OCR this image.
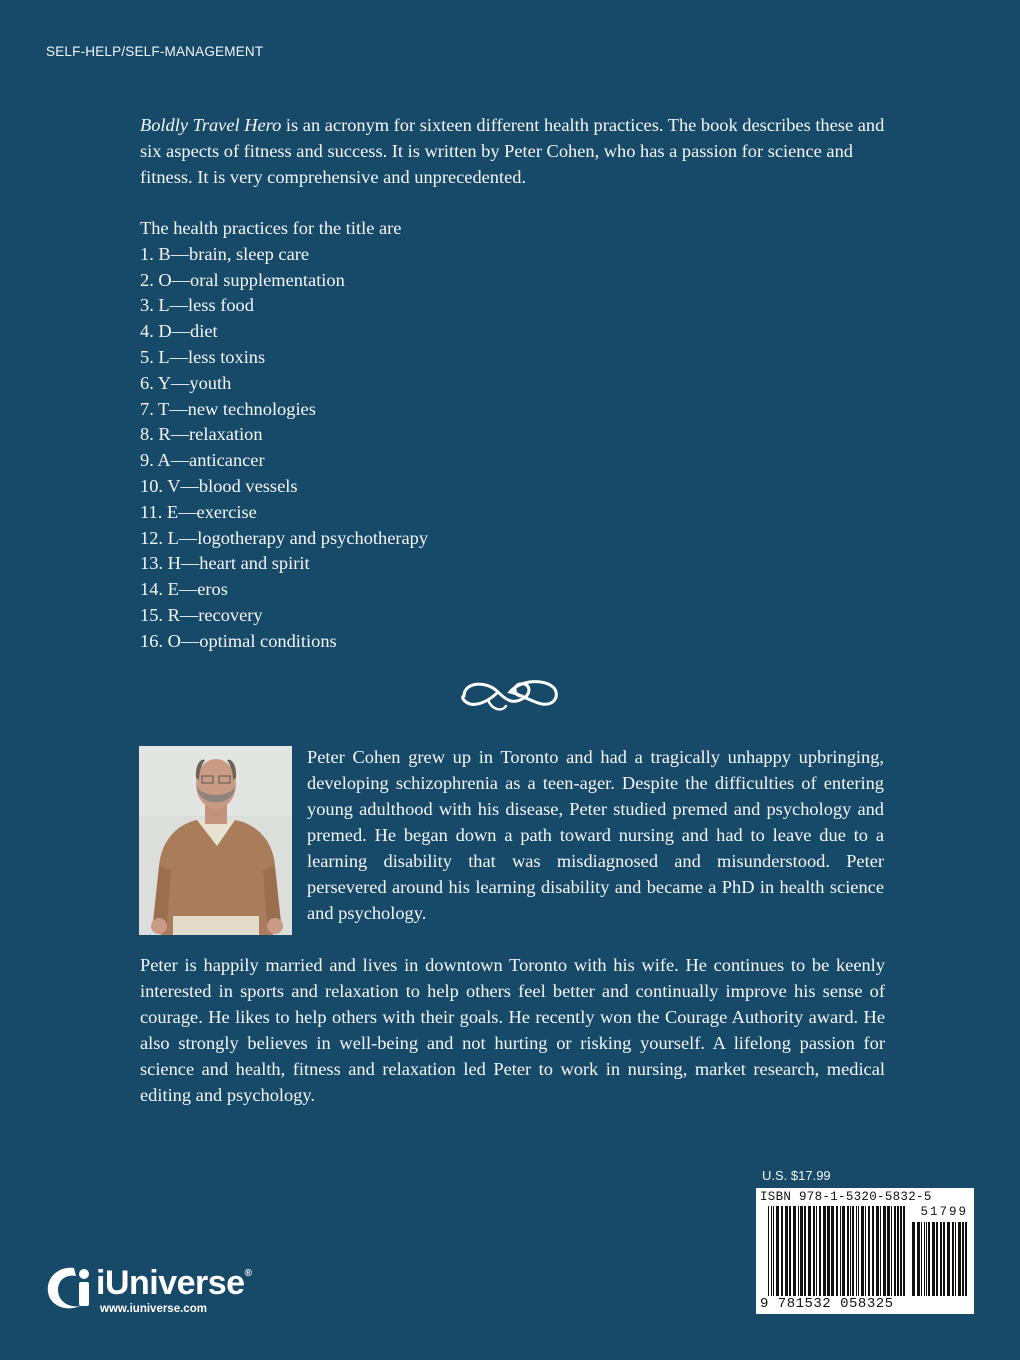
SELF-HELP/SELF-MANAGEMENT

Boldly Travel Hero is an acronym for sixteen different health practices. The book describes these and six aspects of fitness and success. It is written by Peter Cohen, who has a passion for science and fitness. It is very comprehensive and unprecedented.

The health practices for the title are
1. B—brain, sleep care
2. O—oral supplementation
3. L—less food
4. D—diet
5. L—less toxins
6. Y—youth
7. T—new technologies
8. R—relaxation
9. A—anticancer
10. V—blood vessels
11. E—exercise
12. L—logotherapy and psychotherapy
13. H—heart and spirit
14. E—eros
15. R—recovery
16. O—optimal conditions

Peter Cohen grew up in Toronto and had a tragically unhappy upbringing, developing schizophrenia as a teen-ager. Despite the difficulties of entering young adulthood with his disease, Peter studied premed and psychology and premed. He began down a path toward nursing and had to leave due to a learning disability that was misdiagnosed and misunderstood. Peter persevered around his learning disability and became a PhD in health science and psychology.

Peter is happily married and lives in downtown Toronto with his wife. He continues to be keenly interested in sports and relaxation to help others feel better and continually improve his sense of courage. He likes to help others with their goals. He recently won the Courage Authority award. He also strongly believes in well-being and not hurting or risking yourself. A lifelong passion for science and health, fitness and relaxation led Peter to work in nursing, market research, medical editing and psychology.

U.S. $17.99
ISBN 978-1-5320-5832-5
51799
9 781532 058325
iUniverse®
www.iuniverse.com
